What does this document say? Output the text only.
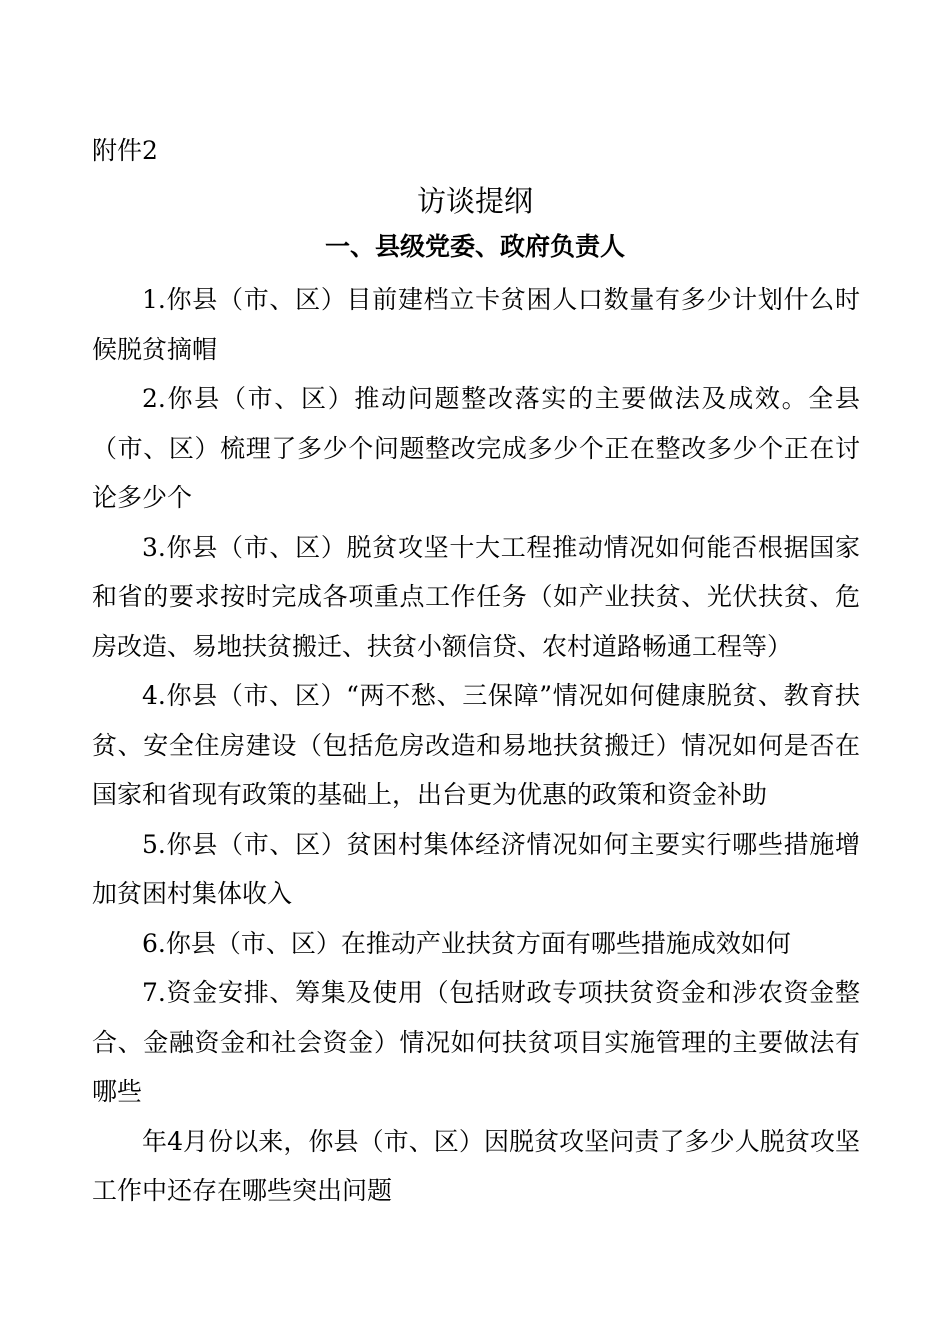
附件2
访谈提纲
一、县级党委、政府负责人

1.你县（市、区）目前建档立卡贫困人口数量有多少计划什么时候脱贫摘帽

2.你县（市、区）推动问题整改落实的主要做法及成效。全县（市、区）梳理了多少个问题整改完成多少个正在整改多少个正在讨论多少个

3.你县（市、区）脱贫攻坚十大工程推动情况如何能否根据国家和省的要求按时完成各项重点工作任务（如产业扶贫、光伏扶贫、危房改造、易地扶贫搬迁、扶贫小额信贷、农村道路畅通工程等）

4.你县（市、区）“两不愁、三保障”情况如何健康脱贫、教育扶贫、安全住房建设（包括危房改造和易地扶贫搬迁）情况如何是否在国家和省现有政策的基础上，出台更为优惠的政策和资金补助

5.你县（市、区）贫困村集体经济情况如何主要实行哪些措施增加贫困村集体收入

6.你县（市、区）在推动产业扶贫方面有哪些措施成效如何

7.资金安排、筹集及使用（包括财政专项扶贫资金和涉农资金整合、金融资金和社会资金）情况如何扶贫项目实施管理的主要做法有哪些

年4月份以来，你县（市、区）因脱贫攻坚问责了多少人脱贫攻坚工作中还存在哪些突出问题
